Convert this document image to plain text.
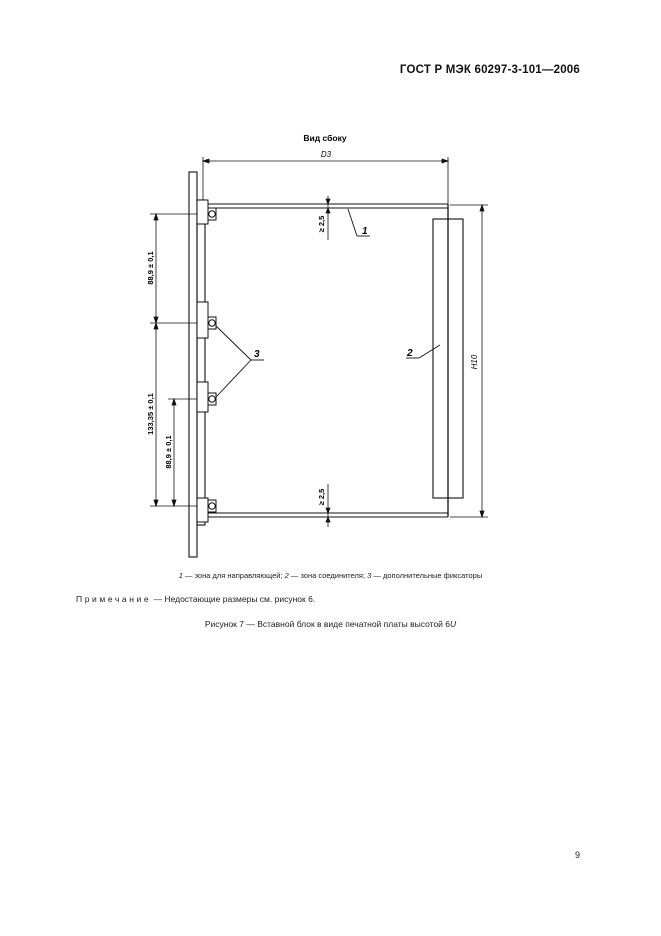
ГОСТ Р МЭК 60297-3-101—2006
Вид сбоку
D3
H10
88,9 ± 0,1
133,35 ± 0,1
88,9 ± 0,1
≥ 2,5
≥ 2,5
1
2
3
1 — зона для направляющей; 2 — зона соединителя; 3 — дополнительные фиксаторы
Примечание — Недостающие размеры см. рисунок 6.
Рисунок 7 — Вставной блок в виде печатной платы высотой 6U
9
